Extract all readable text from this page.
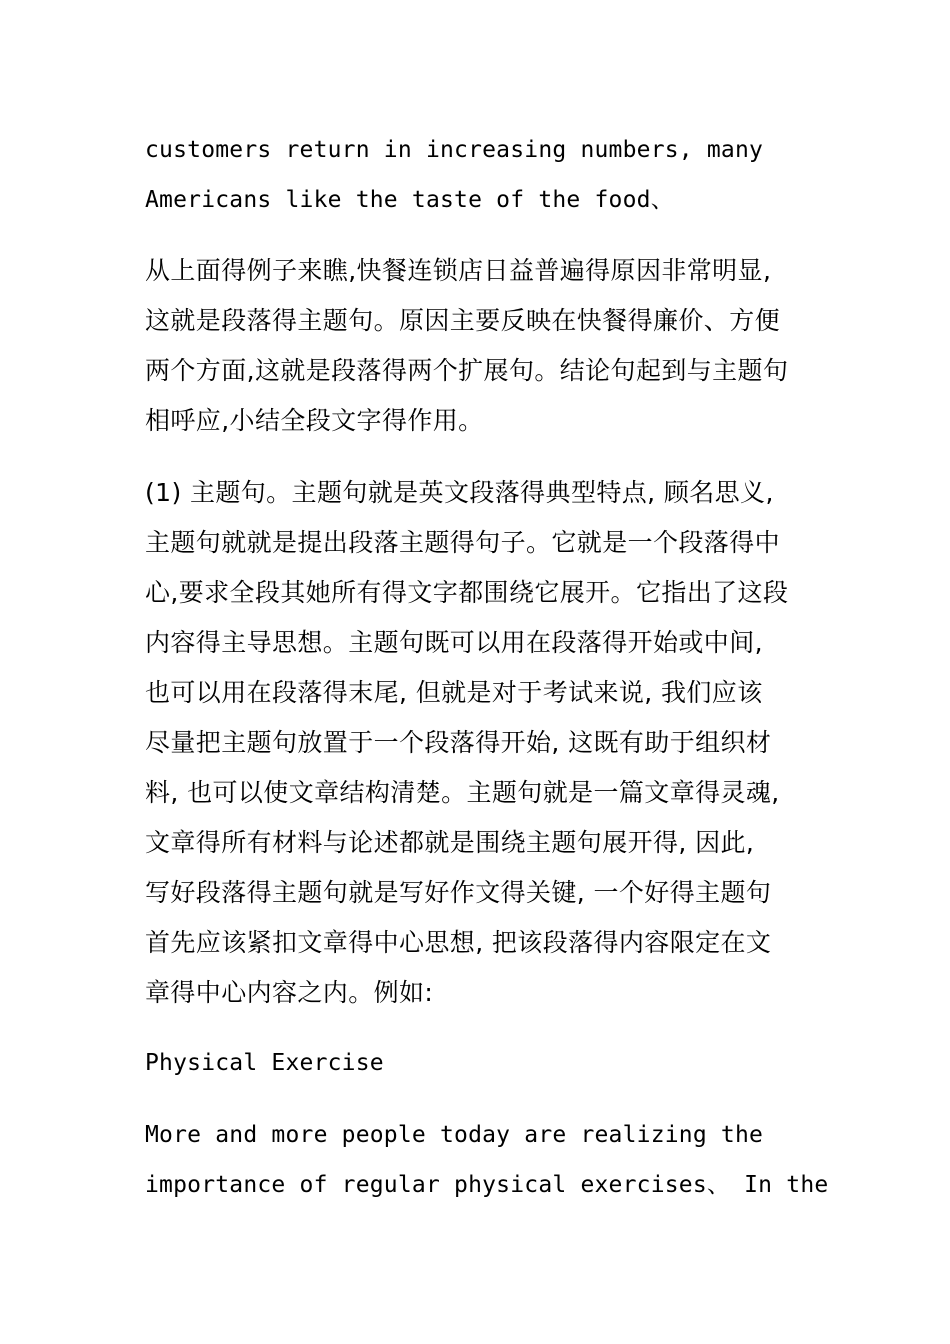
customers return in increasing numbers, many
Americans like the taste of the food、
从上面得例子来瞧,快餐连锁店日益普遍得原因非常明显,
这就是段落得主题句。原因主要反映在快餐得廉价、方便
两个方面,这就是段落得两个扩展句。结论句起到与主题句
相呼应,小结全段文字得作用。
(1) 主题句。主题句就是英文段落得典型特点, 顾名思义,
主题句就就是提出段落主题得句子。它就是一个段落得中
心,要求全段其她所有得文字都围绕它展开。它指出了这段
内容得主导思想。主题句既可以用在段落得开始或中间,
也可以用在段落得末尾, 但就是对于考试来说, 我们应该
尽量把主题句放置于一个段落得开始, 这既有助于组织材
料, 也可以使文章结构清楚。主题句就是一篇文章得灵魂,
文章得所有材料与论述都就是围绕主题句展开得, 因此,
写好段落得主题句就是写好作文得关键, 一个好得主题句
首先应该紧扣文章得中心思想, 把该段落得内容限定在文
章得中心内容之内。例如:
Physical Exercise
More and more people today are realizing the
importance of regular physical exercises、 In the
